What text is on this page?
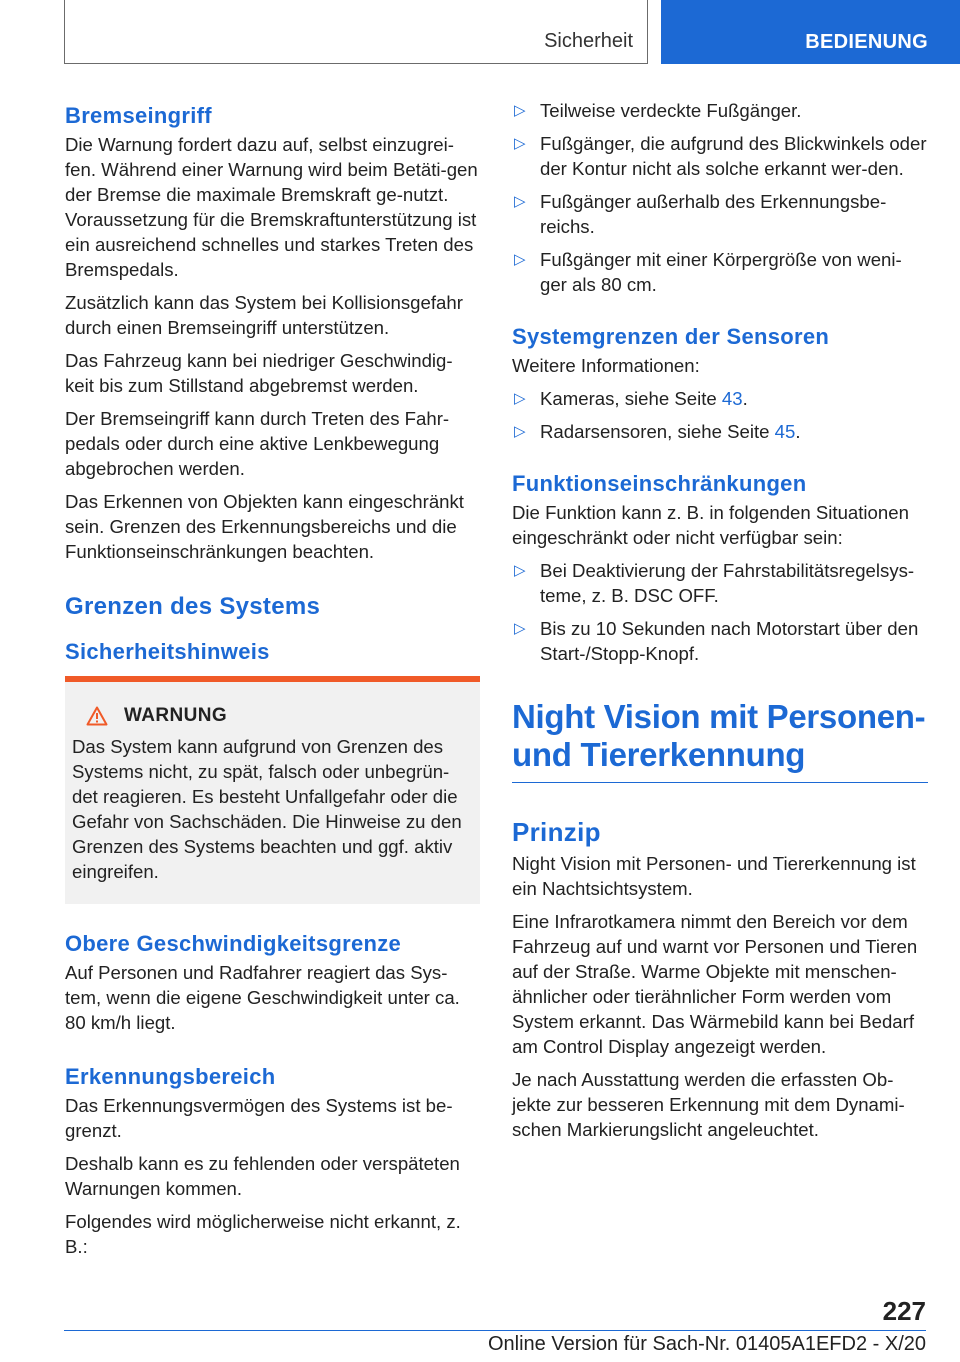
Sicherheit	BEDIENUNG
Bremseingriff

Die Warnung fordert dazu auf, selbst einzugrei-fen. Während einer Warnung wird beim Betäti-gen der Bremse die maximale Bremskraft ge-nutzt. Voraussetzung für die Bremskraftunterstützung ist ein ausreichend schnelles und starkes Treten des Bremspedals.

Zusätzlich kann das System bei Kollisionsgefahr durch einen Bremseingriff unterstützen.

Das Fahrzeug kann bei niedriger Geschwindig-keit bis zum Stillstand abgebremst werden.

Der Bremseingriff kann durch Treten des Fahr-pedals oder durch eine aktive Lenkbewegung abgebrochen werden.

Das Erkennen von Objekten kann eingeschränkt sein. Grenzen des Erkennungsbereichs und die Funktionseinschränkungen beachten.

Grenzen des Systems
Sicherheitshinweis
WARNUNG

Das System kann aufgrund von Grenzen des Systems nicht, zu spät, falsch oder unbegrün-det reagieren. Es besteht Unfallgefahr oder die Gefahr von Sachschäden. Die Hinweise zu den Grenzen des Systems beachten und ggf. aktiv eingreifen.

Obere Geschwindigkeitsgrenze

Auf Personen und Radfahrer reagiert das Sys-tem, wenn die eigene Geschwindigkeit unter ca. 80 km/h liegt.

Erkennungsbereich

Das Erkennungsvermögen des Systems ist be-grenzt.

Deshalb kann es zu fehlenden oder verspäteten Warnungen kommen.

Folgendes wird möglicherweise nicht erkannt, z. B.:

▷ Teilweise verdeckte Fußgänger.

▷ Fußgänger, die aufgrund des Blickwinkels oder der Kontur nicht als solche erkannt wer-den.

▷ Fußgänger außerhalb des Erkennungsbe-reichs.

▷ Fußgänger mit einer Körpergröße von weni-ger als 80 cm.

Systemgrenzen der Sensoren

Weitere Informationen:

▷ Kameras, siehe Seite 43.

▷ Radarsensoren, siehe Seite 45.

Funktionseinschränkungen

Die Funktion kann z. B. in folgenden Situationen eingeschränkt oder nicht verfügbar sein:

▷ Bei Deaktivierung der Fahrstabilitätsregelsys-teme, z. B. DSC OFF.

▷ Bis zu 10 Sekunden nach Motorstart über den Start-/Stopp-Knopf.

Night Vision mit Personen-und Tiererkennung
Prinzip

Night Vision mit Personen- und Tiererkennung ist ein Nachtsichtsystem.

Eine Infrarotkamera nimmt den Bereich vor dem Fahrzeug auf und warnt vor Personen und Tieren auf der Straße. Warme Objekte mit menschen-ähnlicher oder tierähnlicher Form werden vom System erkannt. Das Wärmebild kann bei Bedarf am Control Display angezeigt werden.

Je nach Ausstattung werden die erfassten Ob-jekte zur besseren Erkennung mit dem Dynami-schen Markierungslicht angeleuchtet.

227
Online Version für Sach-Nr. 01405A1EFD2 - X/20
